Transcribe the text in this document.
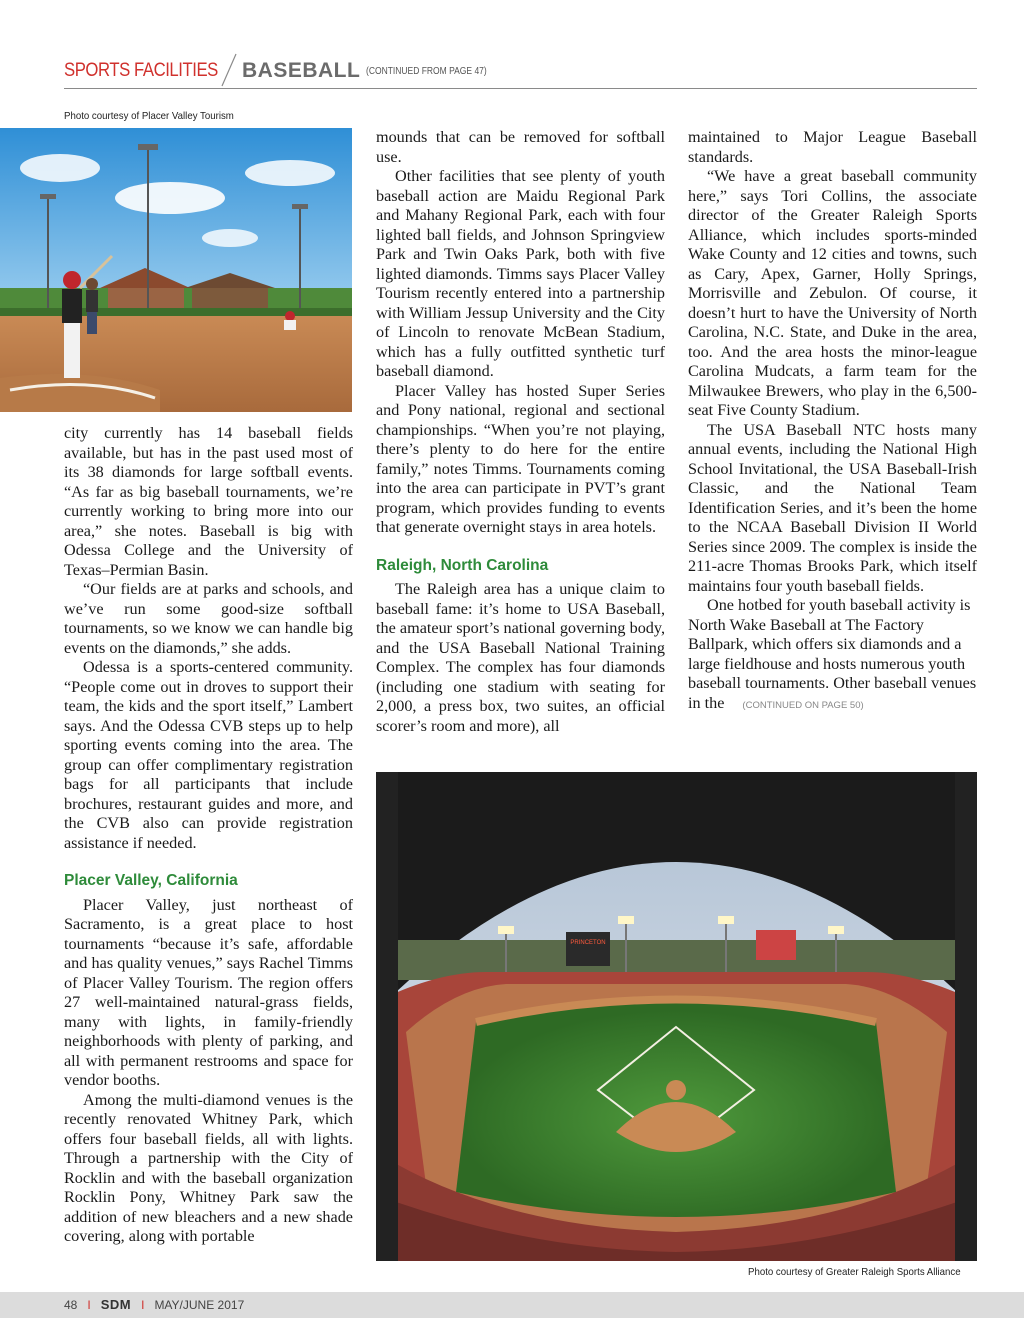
SPORTS FACILITIES BASEBALL (CONTINUED FROM PAGE 47)
Photo courtesy of Placer Valley Tourism

city currently has 14 baseball fields available, but has in the past used most of its 38 diamonds for large softball events. “As far as big baseball tournaments, we’re currently working to bring more into our area,” she notes. Baseball is big with Odessa College and the University of Texas–Permian Basin.

“Our fields are at parks and schools, and we’ve run some good-size softball tournaments, so we know we can handle big events on the diamonds,” she adds.

Odessa is a sports-centered community. “People come out in droves to support their team, the kids and the sport itself,” Lambert says. And the Odessa CVB steps up to help sporting events coming into the area. The group can offer complimentary registration bags for all participants that include brochures, restaurant guides and more, and the CVB also can provide registration assistance if needed.

Placer Valley, California

Placer Valley, just northeast of Sacramento, is a great place to host tournaments “because it’s safe, affordable and has quality venues,” says Rachel Timms of Placer Valley Tourism. The region offers 27 well-maintained natural-grass fields, many with lights, in family-friendly neighborhoods with plenty of parking, and all with permanent restrooms and space for vendor booths.

Among the multi-diamond venues is the recently renovated Whitney Park, which offers four baseball fields, all with lights. Through a partnership with the City of Rocklin and with the baseball organization Rocklin Pony, Whitney Park saw the addition of new bleachers and a new shade covering, along with portable

mounds that can be removed for softball use.

Other facilities that see plenty of youth baseball action are Maidu Regional Park and Mahany Regional Park, each with four lighted ball fields, and Johnson Springview Park and Twin Oaks Park, both with five lighted diamonds. Timms says Placer Valley Tourism recently entered into a partnership with William Jessup University and the City of Lincoln to renovate McBean Stadium, which has a fully outfitted synthetic turf baseball diamond.

Placer Valley has hosted Super Series and Pony national, regional and sectional championships. “When you’re not playing, there’s plenty to do here for the entire family,” notes Timms. Tournaments coming into the area can participate in PVT’s grant program, which provides funding to events that generate overnight stays in area hotels.

Raleigh, North Carolina

The Raleigh area has a unique claim to baseball fame: it’s home to USA Baseball, the amateur sport’s national governing body, and the USA Baseball National Training Complex. The complex has four diamonds (including one stadium with seating for 2,000, a press box, two suites, an official scorer’s room and more), all

maintained to Major League Baseball standards.

“We have a great baseball community here,” says Tori Collins, the associate director of the Greater Raleigh Sports Alliance, which includes sports-minded Wake County and 12 cities and towns, such as Cary, Apex, Garner, Holly Springs, Morrisville and Zebulon. Of course, it doesn’t hurt to have the University of North Carolina, N.C. State, and Duke in the area, too. And the area hosts the minor-league Carolina Mudcats, a farm team for the Milwaukee Brewers, who play in the 6,500-seat Five County Stadium.

The USA Baseball NTC hosts many annual events, including the National High School Invitational, the USA Baseball-Irish Classic, and the National Team Identification Series, and it’s been the home to the NCAA Baseball Division II World Series since 2009. The complex is inside the 211-acre Thomas Brooks Park, which itself maintains four youth baseball fields.

One hotbed for youth baseball activity is North Wake Baseball at The Factory Ballpark, which offers six diamonds and a large fieldhouse and hosts numerous youth baseball tournaments. Other baseball venues in the (CONTINUED ON PAGE 50)

PRINCETON
Photo courtesy of Greater Raleigh Sports Alliance
48 I SDM I MAY/JUNE 2017
